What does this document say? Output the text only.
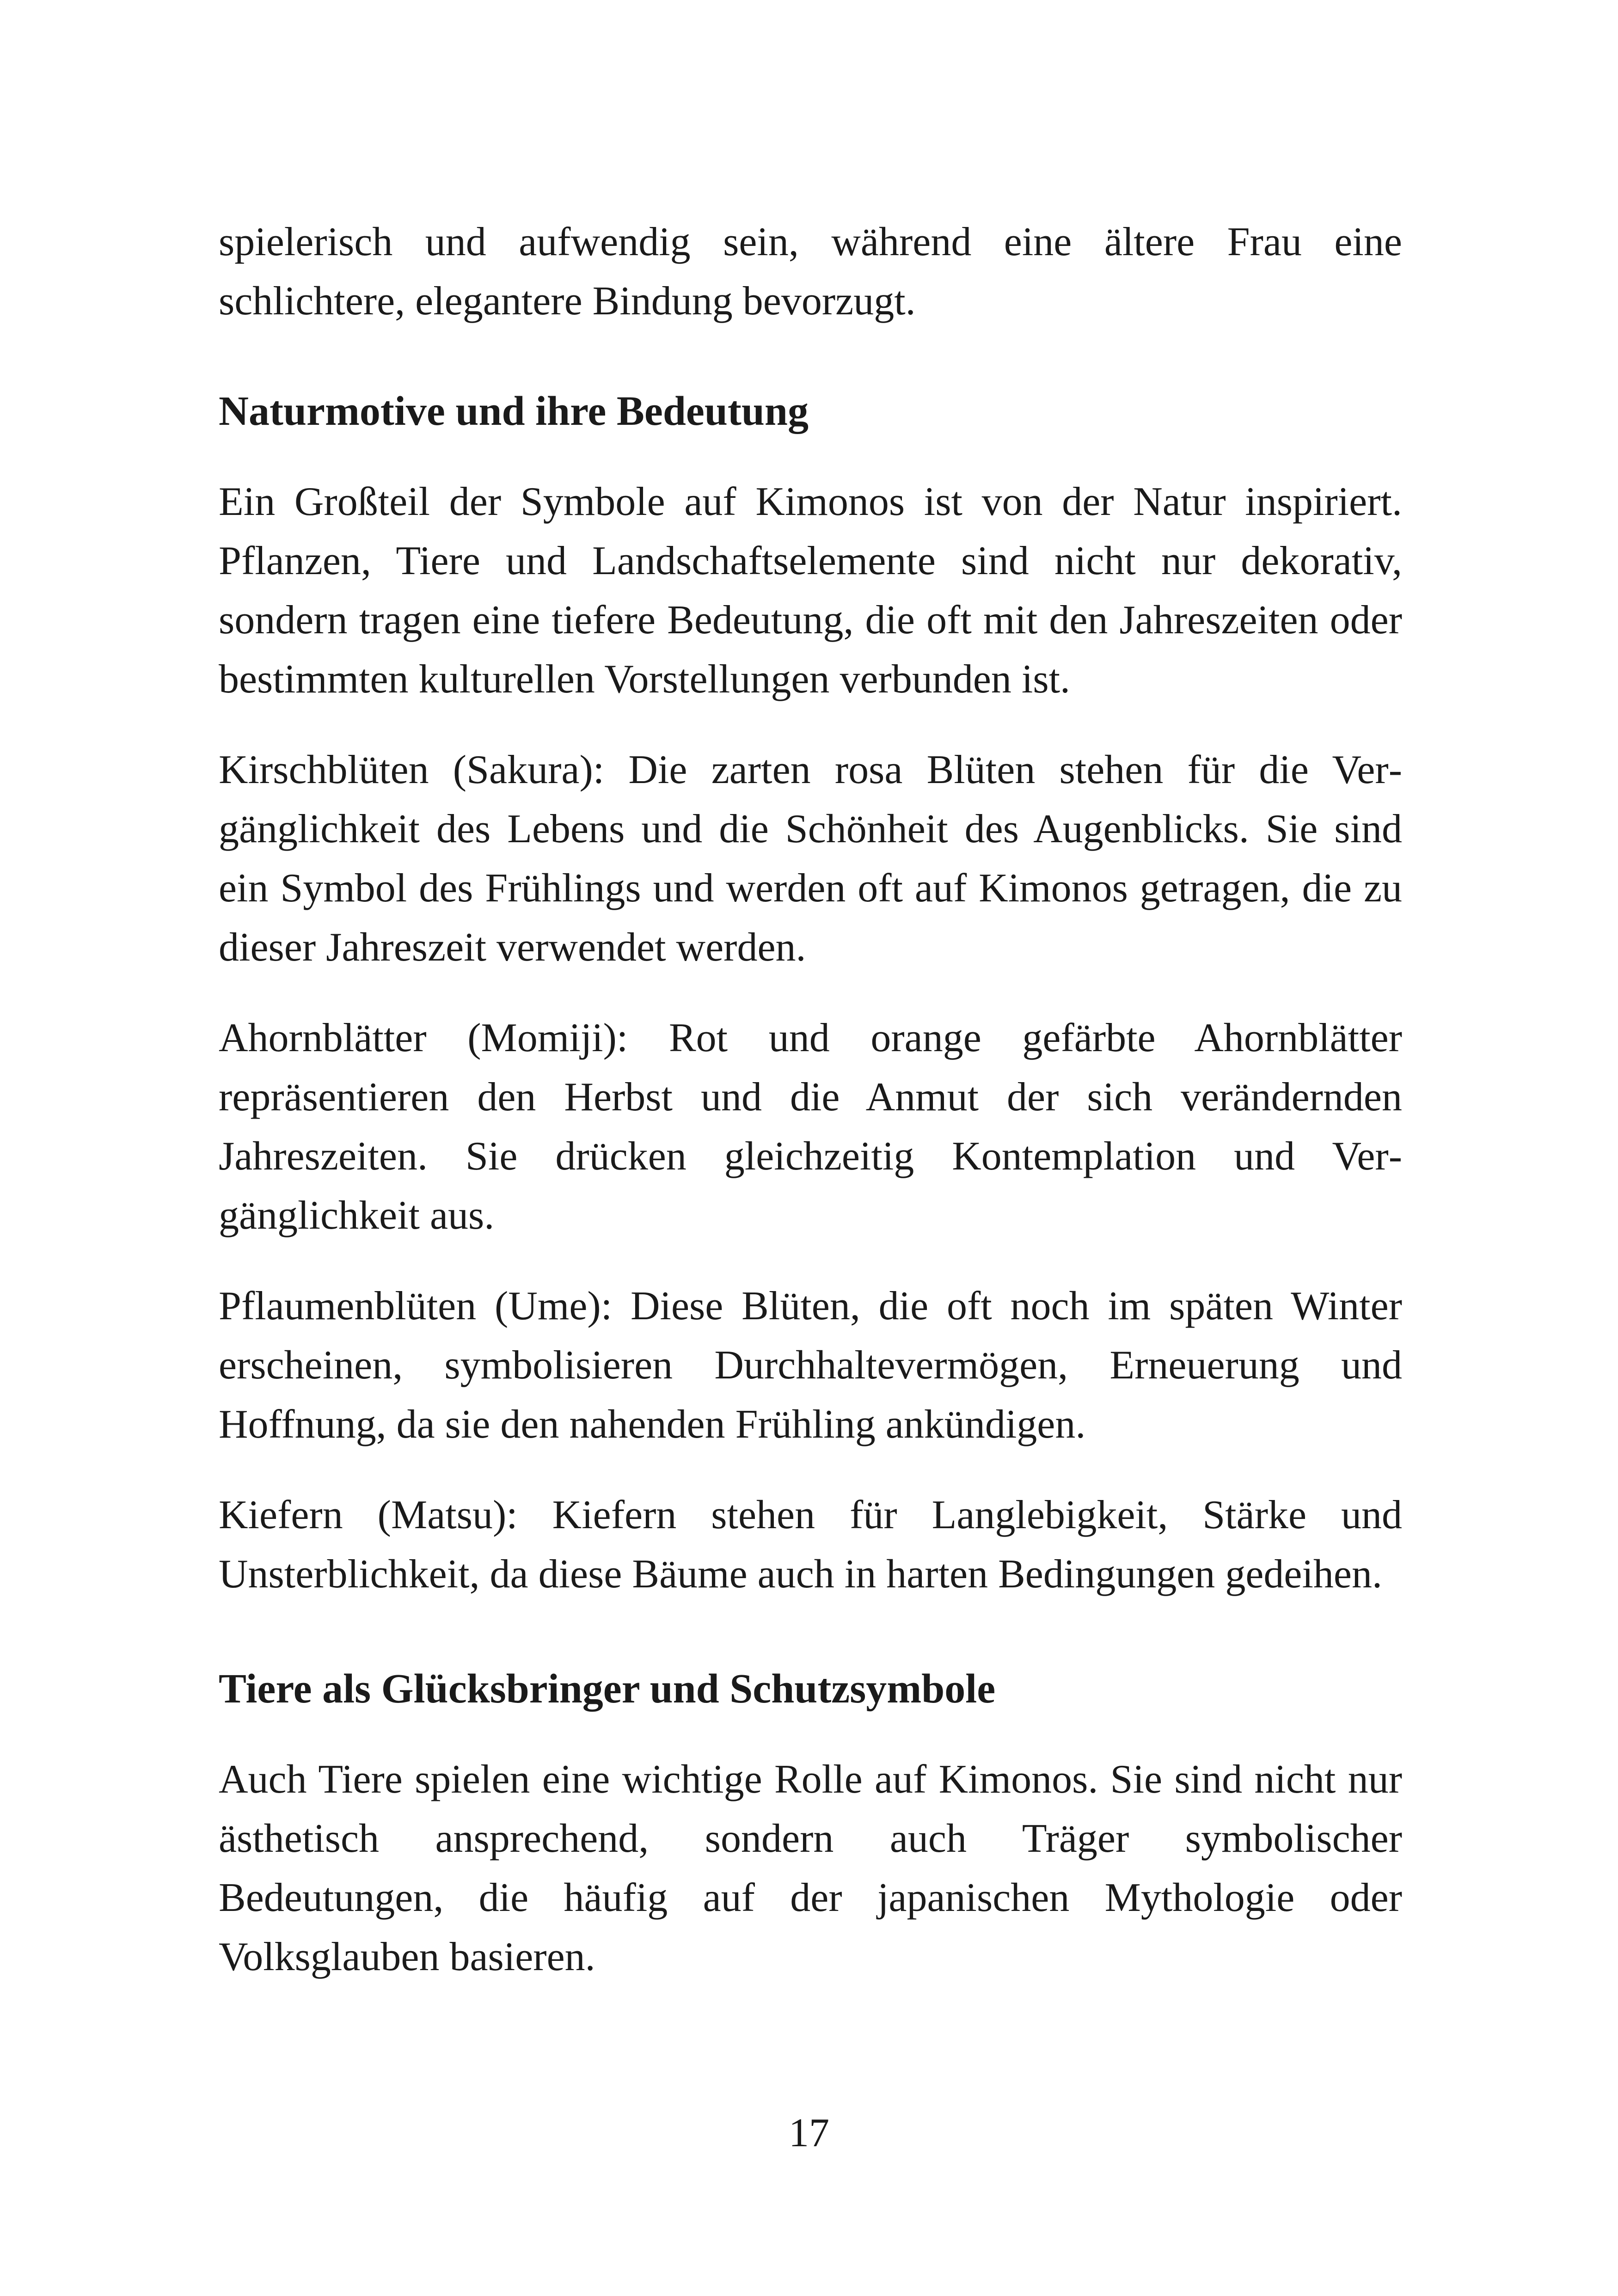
spielerisch und aufwendig sein, während eine ältere Frau eine schlichtere, elegantere Bindung bevorzugt.

Naturmotive und ihre Bedeutung

Ein Großteil der Symbole auf Kimonos ist von der Natur inspiriert. Pflanzen, Tiere und Landschaftselemente sind nicht nur dekorativ, sondern tragen eine tiefere Bedeutung, die oft mit den Jahreszeiten oder bestimmten kulturellen Vorstellungen verbunden ist.

Kirschblüten (Sakura): Die zarten rosa Blüten stehen für die Vergänglichkeit des Lebens und die Schönheit des Augenblicks. Sie sind ein Symbol des Frühlings und werden oft auf Kimonos getragen, die zu dieser Jahreszeit verwendet werden.

Ahornblätter (Momiji): Rot und orange gefärbte Ahornblätter repräsentieren den Herbst und die Anmut der sich verändernden Jahreszeiten. Sie drücken gleichzeitig Kontemplation und Vergänglichkeit aus.

Pflaumenblüten (Ume): Diese Blüten, die oft noch im späten Winter erscheinen, symbolisieren Durchhaltevermögen, Erneuerung und Hoffnung, da sie den nahenden Frühling ankündigen.

Kiefern (Matsu): Kiefern stehen für Langlebigkeit, Stärke und Unsterblichkeit, da diese Bäume auch in harten Bedingungen gedeihen.

Tiere als Glücksbringer und Schutzsymbole

Auch Tiere spielen eine wichtige Rolle auf Kimonos. Sie sind nicht nur ästhetisch ansprechend, sondern auch Träger symbolischer Bedeutungen, die häufig auf der japanischen Mythologie oder Volksglauben basieren.

17
